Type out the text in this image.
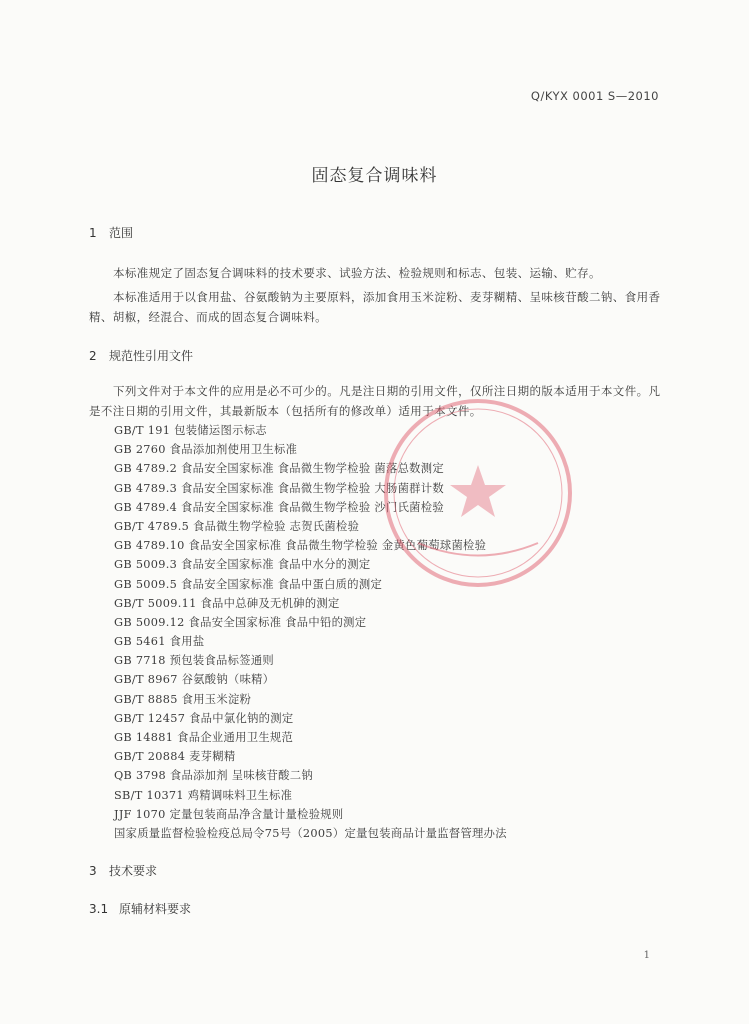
Q/KYX 0001 S—2010
固态复合调味料
1 范围
本标准规定了固态复合调味料的技术要求、试验方法、检验规则和标志、包装、运输、贮存。
本标准适用于以食用盐、谷氨酸钠为主要原料，添加食用玉米淀粉、麦芽糊精、呈味核苷酸二钠、食用香精、胡椒，经混合、而成的固态复合调味料。
2 规范性引用文件
下列文件对于本文件的应用是必不可少的。凡是注日期的引用文件，仅所注日期的版本适用于本文件。凡是不注日期的引用文件，其最新版本（包括所有的修改单）适用于本文件。
GB/T 191 包装储运图示标志
GB 2760 食品添加剂使用卫生标准
GB 4789.2 食品安全国家标准 食品微生物学检验 菌落总数测定
GB 4789.3 食品安全国家标准 食品微生物学检验 大肠菌群计数
GB 4789.4 食品安全国家标准 食品微生物学检验 沙门氏菌检验
GB/T 4789.5 食品微生物学检验 志贺氏菌检验
GB 4789.10 食品安全国家标准 食品微生物学检验 金黄色葡萄球菌检验
GB 5009.3 食品安全国家标准 食品中水分的测定
GB 5009.5 食品安全国家标准 食品中蛋白质的测定
GB/T 5009.11 食品中总砷及无机砷的测定
GB 5009.12 食品安全国家标准 食品中铅的测定
GB 5461 食用盐
GB 7718 预包装食品标签通则
GB/T 8967 谷氨酸钠（味精）
GB/T 8885 食用玉米淀粉
GB/T 12457 食品中氯化钠的测定
GB 14881 食品企业通用卫生规范
GB/T 20884 麦芽糊精
QB 3798 食品添加剂 呈味核苷酸二钠
SB/T 10371 鸡精调味料卫生标准
JJF 1070 定量包装商品净含量计量检验规则
国家质量监督检验检疫总局令75号（2005）定量包装商品计量监督管理办法
3 技术要求
3.1 原辅材料要求
1
